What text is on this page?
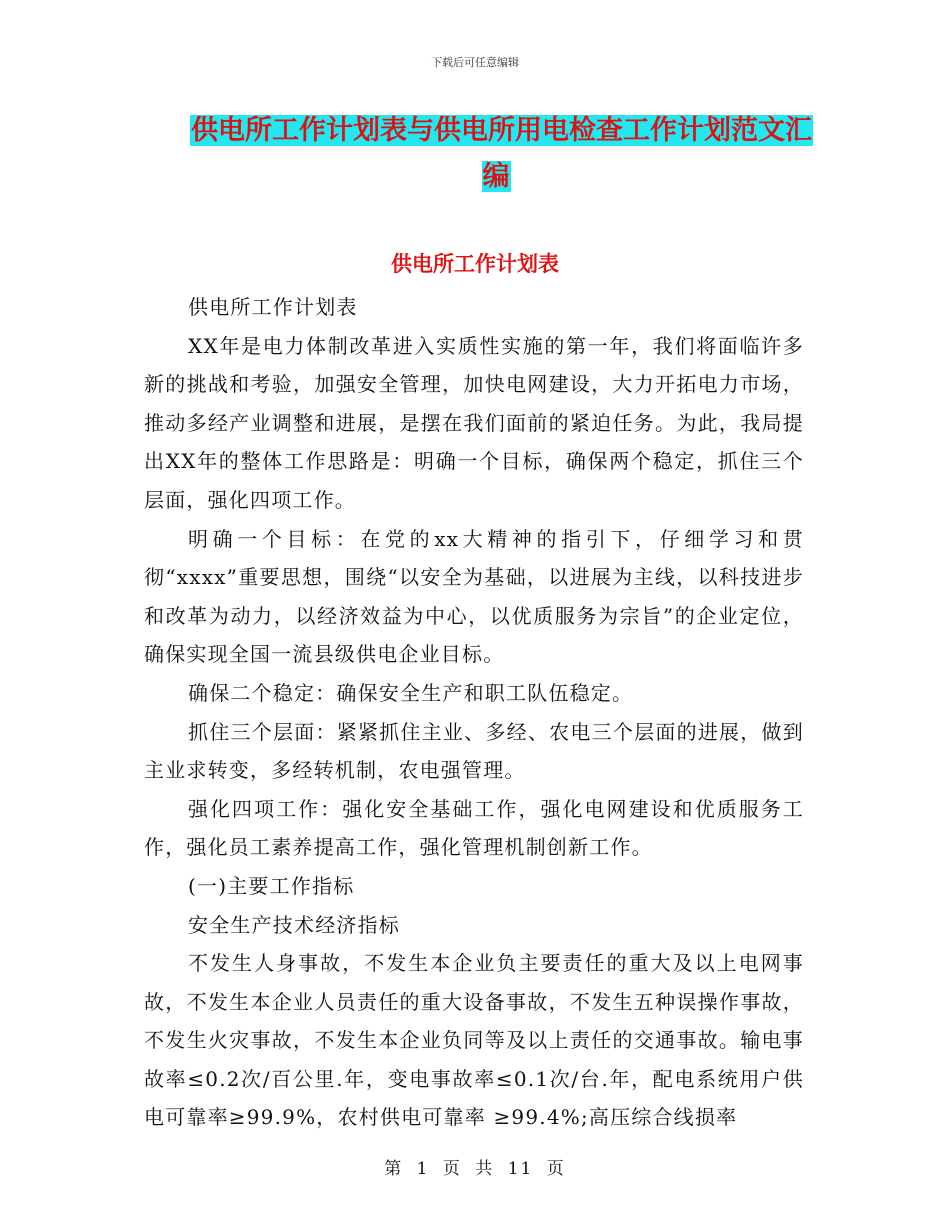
下载后可任意编辑
供电所工作计划表与供电所用电检查工作计划范文汇
编
供电所工作计划表

供电所工作计划表

XX年是电力体制改革进入实质性实施的第一年，我们将面临许多新的挑战和考验，加强安全管理，加快电网建设，大力开拓电力市场，推动多经产业调整和进展，是摆在我们面前的紧迫任务。为此，我局提出XX年的整体工作思路是：明确一个目标，确保两个稳定，抓住三个层面，强化四项工作。

明确一个目标：在党的xx大精神的指引下，仔细学习和贯彻“xxxx”重要思想，围绕“以安全为基础，以进展为主线，以科技进步和改革为动力，以经济效益为中心，以优质服务为宗旨”的企业定位，确保实现全国一流县级供电企业目标。

确保二个稳定：确保安全生产和职工队伍稳定。

抓住三个层面：紧紧抓住主业、多经、农电三个层面的进展，做到主业求转变，多经转机制，农电强管理。

强化四项工作：强化安全基础工作，强化电网建设和优质服务工作，强化员工素养提高工作，强化管理机制创新工作。

(一)主要工作指标

安全生产技术经济指标

不发生人身事故，不发生本企业负主要责任的重大及以上电网事故，不发生本企业人员责任的重大设备事故，不发生五种误操作事故，不发生火灾事故，不发生本企业负同等及以上责任的交通事故。输电事故率≤0.2次/百公里.年，变电事故率≤0.1次/台.年，配电系统用户供电可靠率≥99.9%，农村供电可靠率 ≥99.4%;高压综合线损率

第 1 页 共 11 页
